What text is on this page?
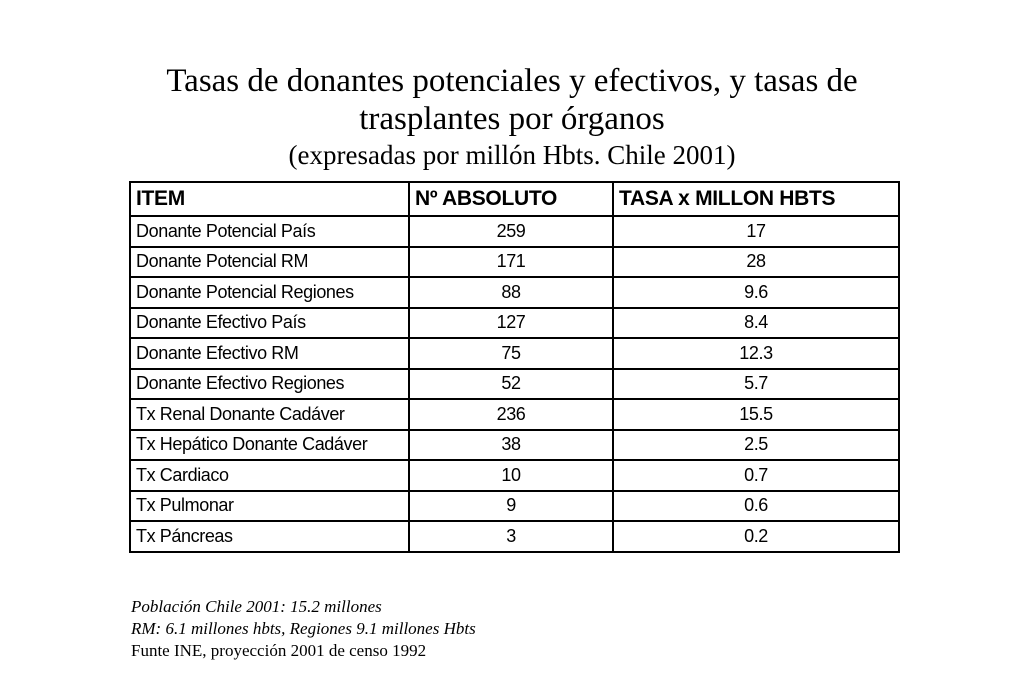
Tasas de donantes potenciales y efectivos, y tasas de
trasplantes por órganos
(expresadas por millón Hbts. Chile 2001)
ITEM	Nº ABSOLUTO	TASA x MILLON HBTS
Donante Potencial País	259	17
Donante Potencial RM	171	28
Donante Potencial Regiones	88	9.6
Donante Efectivo País	127	8.4
Donante Efectivo RM	75	12.3
Donante Efectivo Regiones	52	5.7
Tx Renal Donante Cadáver	236	15.5
Tx Hepático Donante Cadáver	38	2.5
Tx Cardiaco	10	0.7
Tx Pulmonar	9	0.6
Tx Páncreas	3	0.2
Población Chile 2001: 15.2 millones
RM: 6.1 millones hbts, Regiones 9.1 millones Hbts
Funte INE, proyección 2001 de censo 1992
